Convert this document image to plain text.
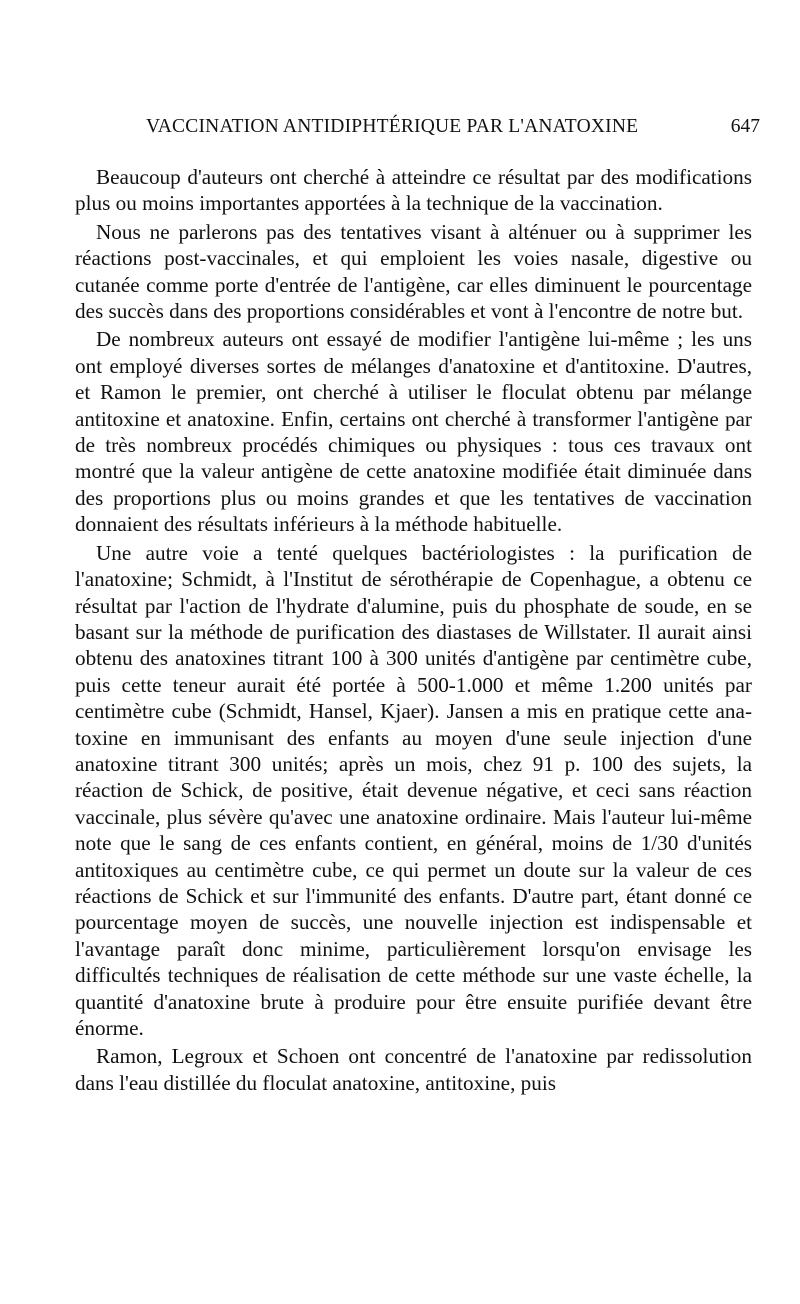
VACCINATION ANTIDIPHTÉRIQUE PAR L'ANATOXINE	647

Beaucoup d'auteurs ont cherché à atteindre ce résultat par des modifications plus ou moins importantes apportées à la technique de la vaccination.

Nous ne parlerons pas des tentatives visant à alténuer ou à supprimer les réactions post-vaccinales, et qui emploient les voies nasale, digestive ou cutanée comme porte d'entrée de l'antigène, car elles diminuent le pourcentage des succès dans des proportions considérables et vont à l'encontre de notre but.

De nombreux auteurs ont essayé de modifier l'antigène lui-même ; les uns ont employé diverses sortes de mélanges d'anatoxine et d'antitoxine. D'autres, et Ramon le premier, ont cherché à utiliser le floculat obtenu par mélange antitoxine et anatoxine. Enfin, certains ont cherché à transformer l'antigène par de très nombreux procédés chimiques ou physiques : tous ces travaux ont montré que la valeur antigène de cette anatoxine modifiée était diminuée dans des proportions plus ou moins grandes et que les tentatives de vaccination donnaient des résultats inférieurs à la méthode habituelle.

Une autre voie a tenté quelques bactériologistes : la purification de l'anatoxine; Schmidt, à l'Institut de sérothérapie de Copenhague, a obtenu ce résultat par l'action de l'hydrate d'alumine, puis du phosphate de soude, en se basant sur la méthode de purification des diastases de Willstater. Il aurait ainsi obtenu des anatoxines titrant 100 à 300 unités d'antigène par centimètre cube, puis cette teneur aurait été portée à 500-1.000 et même 1.200 unités par centimètre cube (Schmidt, Hansel, Kjaer). Jansen a mis en pratique cette anatoxine en immunisant des enfants au moyen d'une seule injection d'une anatoxine titrant 300 unités; après un mois, chez 91 p. 100 des sujets, la réaction de Schick, de positive, était devenue négative, et ceci sans réaction vaccinale, plus sévère qu'avec une anatoxine ordinaire. Mais l'auteur lui-même note que le sang de ces enfants contient, en général, moins de 1/30 d'unités antitoxiques au centimètre cube, ce qui permet un doute sur la valeur de ces réactions de Schick et sur l'immunité des enfants. D'autre part, étant donné ce pourcentage moyen de succès, une nouvelle injection est indispensable et l'avantage paraît donc minime, particulièrement lorsqu'on envisage les difficultés techniques de réalisation de cette méthode sur une vaste échelle, la quantité d'anatoxine brute à produire pour être ensuite purifiée devant être énorme.

Ramon, Legroux et Schoen ont concentré de l'anatoxine par redissolution dans l'eau distillée du floculat anatoxine, antitoxine, puis
